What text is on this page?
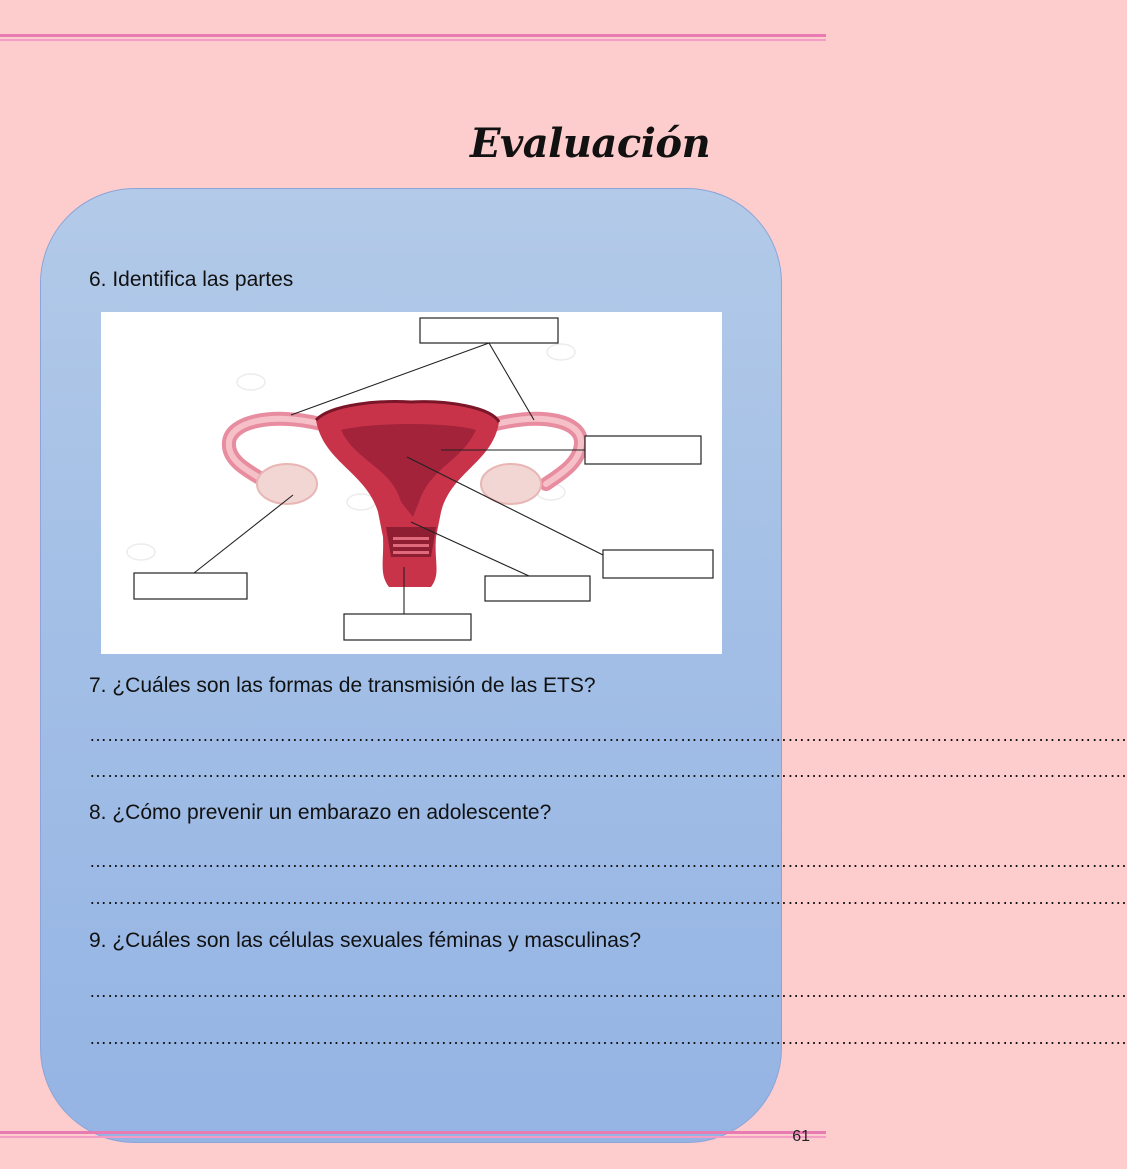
Evaluación
6. Identifica las partes
7. ¿Cuáles son las formas de transmisión de las ETS?
…………………………………………………………………………………………………………………………………………………………
…………………………………………………………………………………………………………………………………………………………
8. ¿Cómo prevenir un embarazo en adolescente?
…………………………………………………………………………………………………………………………………………………………
…………………………………………………………………………………………………………………………………………………………
9. ¿Cuáles son las células sexuales féminas y masculinas?
…………………………………………………………………………………………………………………………………………………………
…………………………………………………………………………………………………………………………………………………………
61
